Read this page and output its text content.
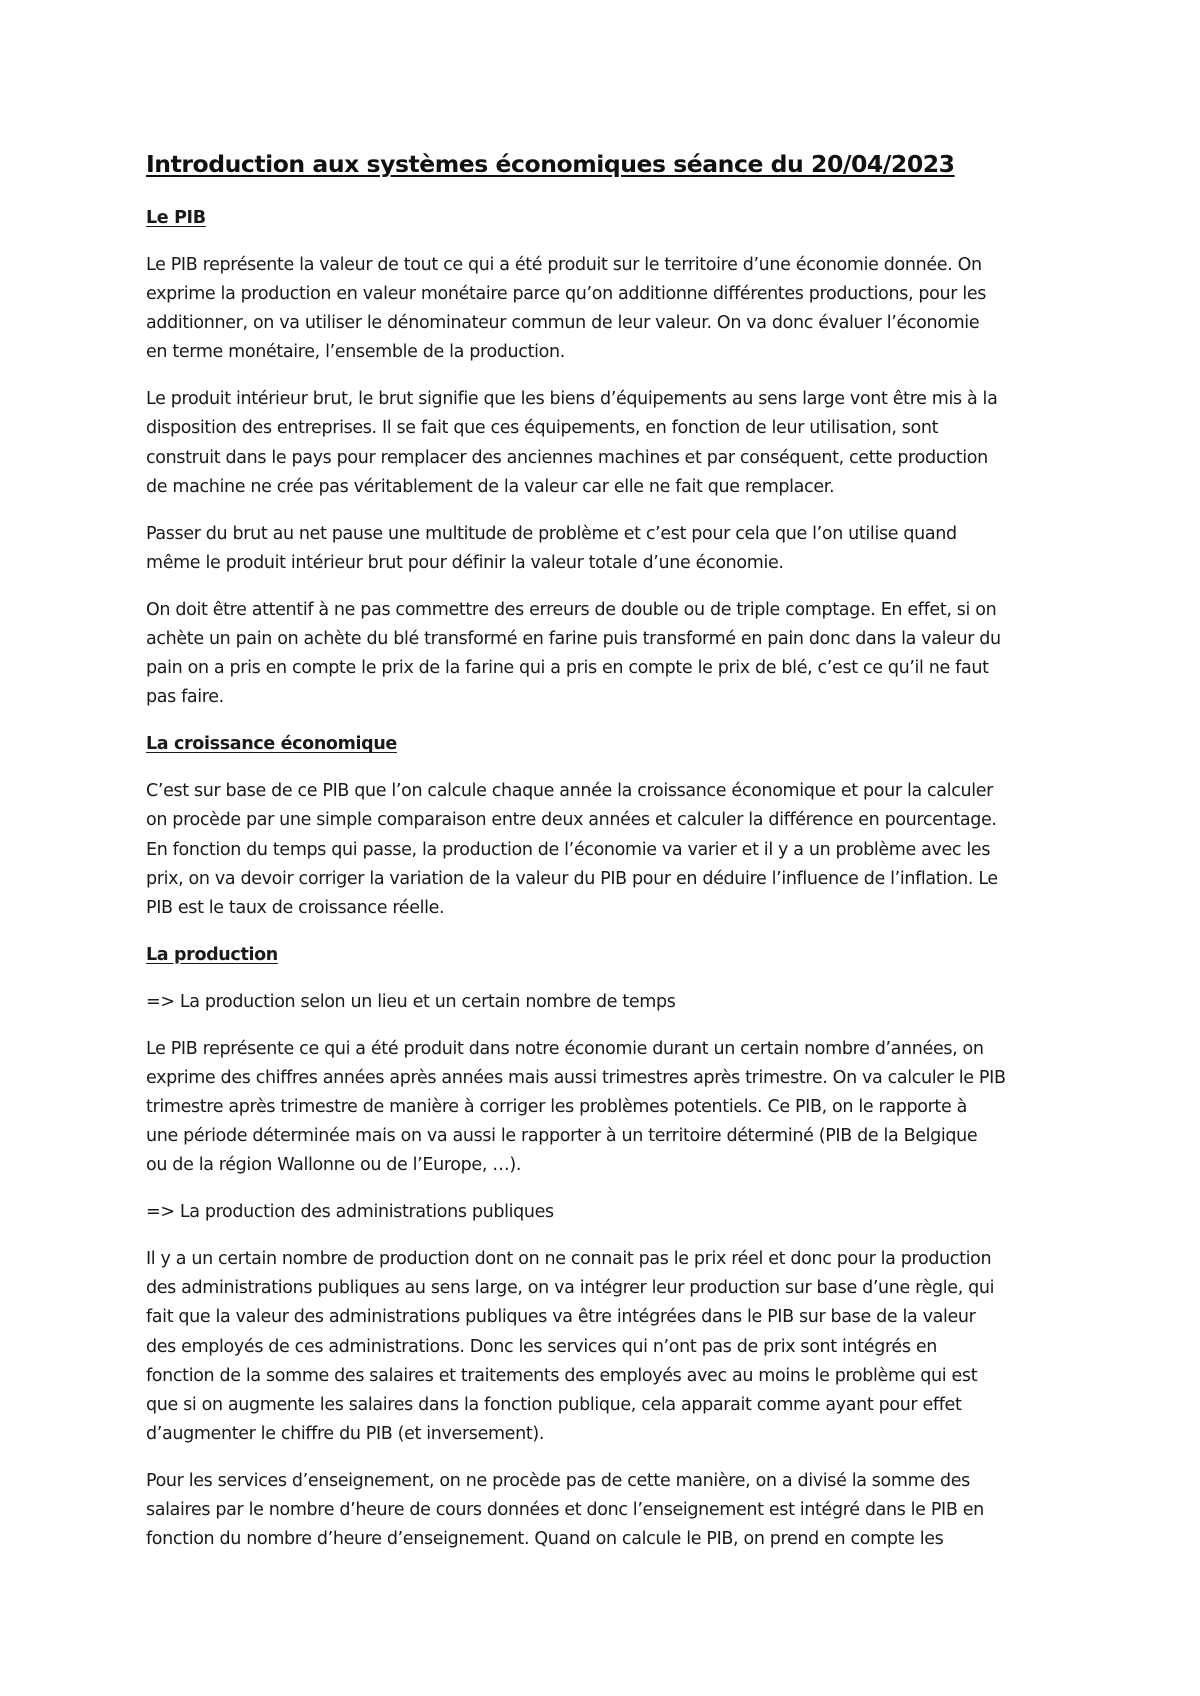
Introduction aux systèmes économiques séance du 20/04/2023
Le PIB

Le PIB représente la valeur de tout ce qui a été produit sur le territoire d’une économie donnée. On
exprime la production en valeur monétaire parce qu’on additionne différentes productions, pour les
additionner, on va utiliser le dénominateur commun de leur valeur. On va donc évaluer l’économie
en terme monétaire, l’ensemble de la production.

Le produit intérieur brut, le brut signifie que les biens d’équipements au sens large vont être mis à la
disposition des entreprises. Il se fait que ces équipements, en fonction de leur utilisation, sont
construit dans le pays pour remplacer des anciennes machines et par conséquent, cette production
de machine ne crée pas véritablement de la valeur car elle ne fait que remplacer.

Passer du brut au net pause une multitude de problème et c’est pour cela que l’on utilise quand
même le produit intérieur brut pour définir la valeur totale d’une économie.

On doit être attentif à ne pas commettre des erreurs de double ou de triple comptage. En effet, si on
achète un pain on achète du blé transformé en farine puis transformé en pain donc dans la valeur du
pain on a pris en compte le prix de la farine qui a pris en compte le prix de blé, c’est ce qu’il ne faut
pas faire.

La croissance économique

C’est sur base de ce PIB que l’on calcule chaque année la croissance économique et pour la calculer
on procède par une simple comparaison entre deux années et calculer la différence en pourcentage.
En fonction du temps qui passe, la production de l’économie va varier et il y a un problème avec les
prix, on va devoir corriger la variation de la valeur du PIB pour en déduire l’influence de l’inflation. Le
PIB est le taux de croissance réelle.

La production

=> La production selon un lieu et un certain nombre de temps

Le PIB représente ce qui a été produit dans notre économie durant un certain nombre d’années, on
exprime des chiffres années après années mais aussi trimestres après trimestre. On va calculer le PIB
trimestre après trimestre de manière à corriger les problèmes potentiels. Ce PIB, on le rapporte à
une période déterminée mais on va aussi le rapporter à un territoire déterminé (PIB de la Belgique
ou de la région Wallonne ou de l’Europe, …).

=> La production des administrations publiques

Il y a un certain nombre de production dont on ne connait pas le prix réel et donc pour la production
des administrations publiques au sens large, on va intégrer leur production sur base d’une règle, qui
fait que la valeur des administrations publiques va être intégrées dans le PIB sur base de la valeur
des employés de ces administrations. Donc les services qui n’ont pas de prix sont intégrés en
fonction de la somme des salaires et traitements des employés avec au moins le problème qui est
que si on augmente les salaires dans la fonction publique, cela apparait comme ayant pour effet
d’augmenter le chiffre du PIB (et inversement).

Pour les services d’enseignement, on ne procède pas de cette manière, on a divisé la somme des
salaires par le nombre d’heure de cours données et donc l’enseignement est intégré dans le PIB en
fonction du nombre d’heure d’enseignement. Quand on calcule le PIB, on prend en compte les
